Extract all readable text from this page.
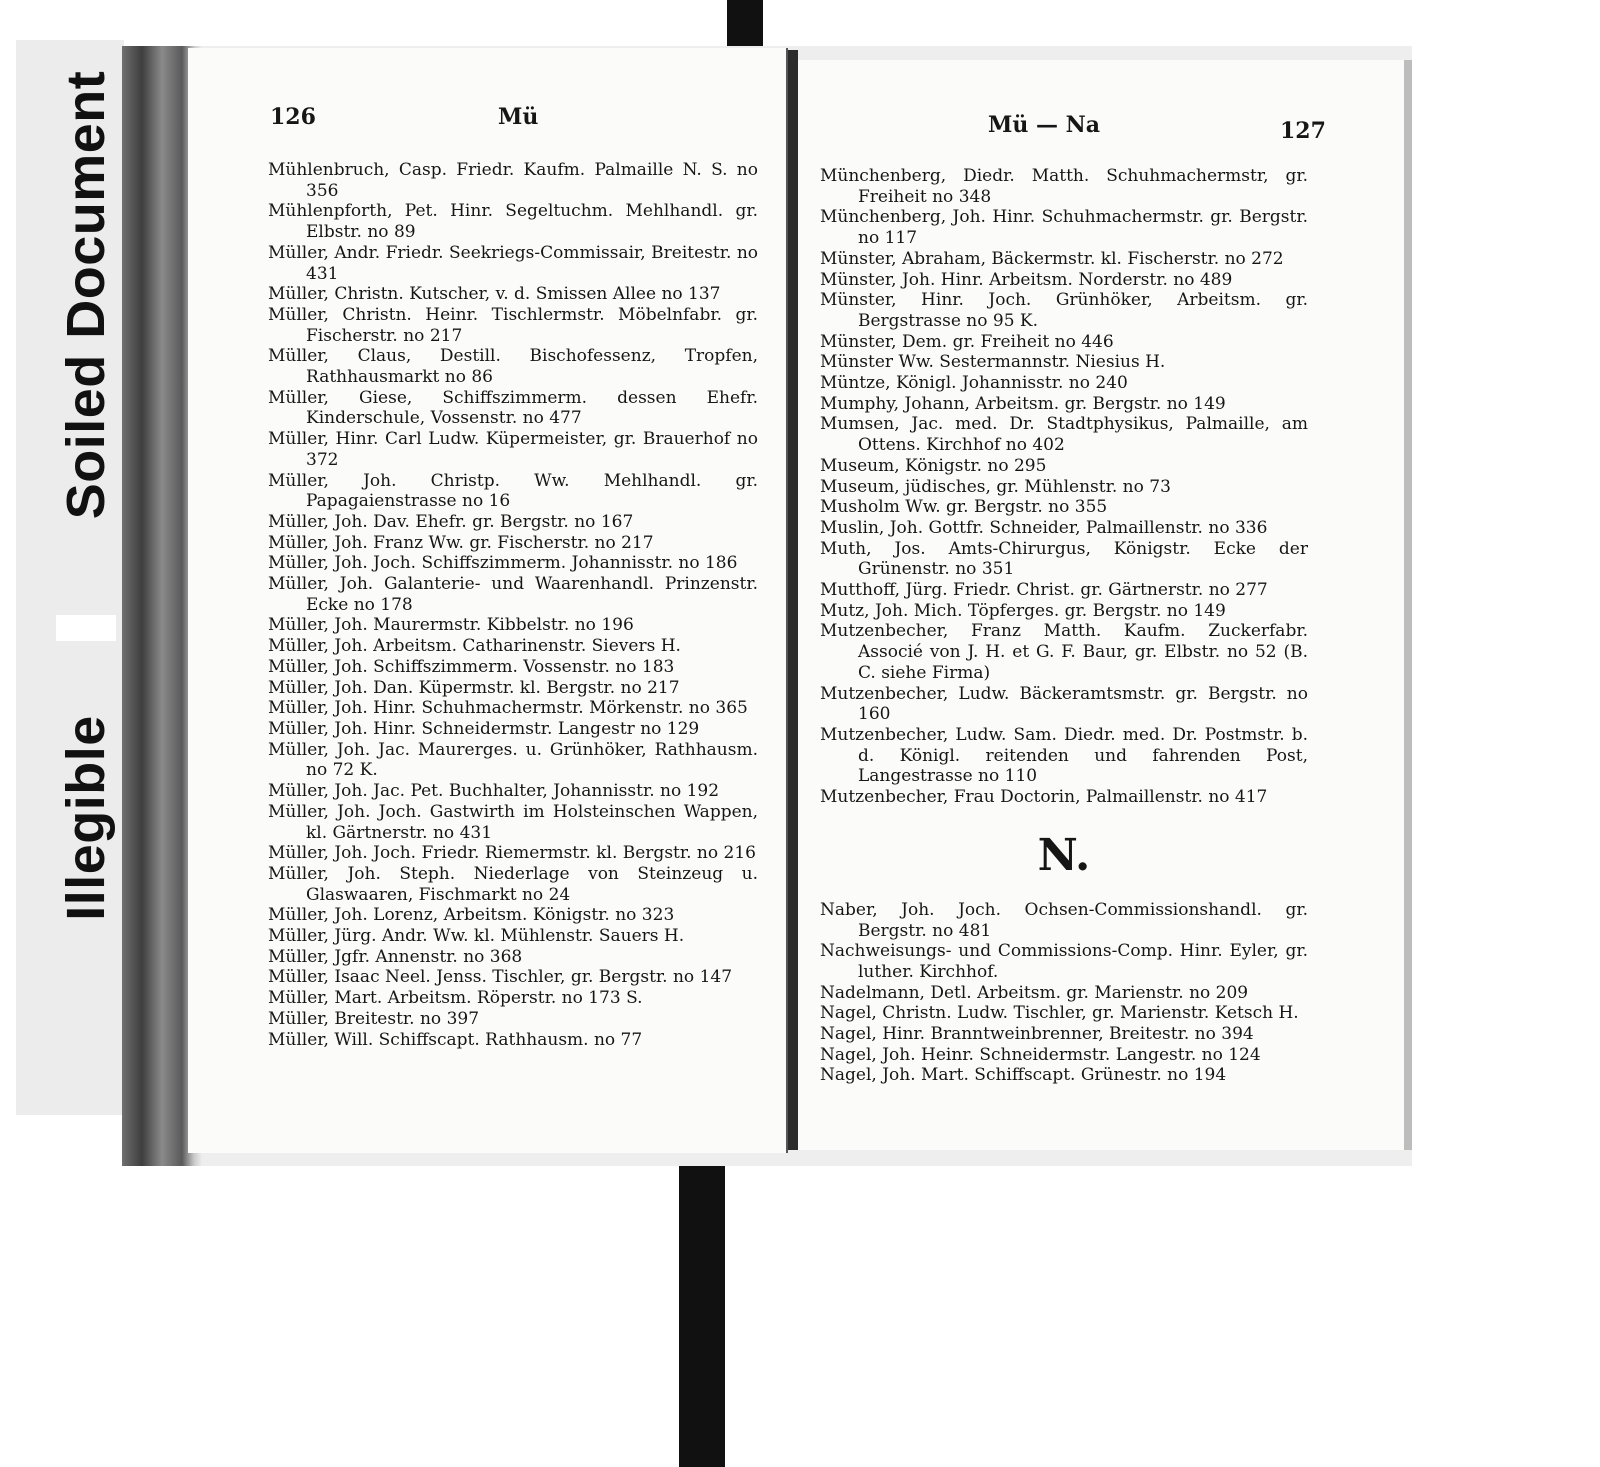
Illegible
Soiled Document	126	Mü
Mühlenbruch, Casp. Friedr. Kaufm. Palmaille N. S. no 356
Mühlenpforth, Pet. Hinr. Segeltuchm. Mehlhandl. gr. Elbstr. no 89
Müller, Andr. Friedr. Seekriegs-Commissair, Breitestr. no 431
Müller, Christn. Kutscher, v. d. Smissen Allee no 137
Müller, Christn. Heinr. Tischlermstr. Möbelnfabr. gr. Fischerstr. no 217
Müller, Claus, Destill. Bischofessenz, Tropfen, Rathhausmarkt no 86
Müller, Giese, Schiffszimmerm. dessen Ehefr. Kinderschule, Vossenstr. no 477
Müller, Hinr. Carl Ludw. Küpermeister, gr. Brauerhof no 372
Müller, Joh. Christp. Ww. Mehlhandl. gr. Papagaienstrasse no 16
Müller, Joh. Dav. Ehefr. gr. Bergstr. no 167
Müller, Joh. Franz Ww. gr. Fischerstr. no 217
Müller, Joh. Joch. Schiffszimmerm. Johannisstr. no 186
Müller, Joh. Galanterie- und Waarenhandl. Prinzenstr. Ecke no 178
Müller, Joh. Maurermstr. Kibbelstr. no 196
Müller, Joh. Arbeitsm. Catharinenstr. Sievers H.
Müller, Joh. Schiffszimmerm. Vossenstr. no 183
Müller, Joh. Dan. Küpermstr. kl. Bergstr. no 217
Müller, Joh. Hinr. Schuhmachermstr. Mörkenstr. no 365
Müller, Joh. Hinr. Schneidermstr. Langestr no 129
Müller, Joh. Jac. Maurerges. u. Grünhöker, Rathhausm. no 72 K.
Müller, Joh. Jac. Pet. Buchhalter, Johannisstr. no 192
Müller, Joh. Joch. Gastwirth im Holsteinschen Wappen, kl. Gärtnerstr. no 431
Müller, Joh. Joch. Friedr. Riemermstr. kl. Bergstr. no 216
Müller, Joh. Steph. Niederlage von Steinzeug u. Glaswaaren, Fischmarkt no 24
Müller, Joh. Lorenz, Arbeitsm. Königstr. no 323
Müller, Jürg. Andr. Ww. kl. Mühlenstr. Sauers H.
Müller, Jgfr. Annenstr. no 368
Müller, Isaac Neel. Jenss. Tischler, gr. Bergstr. no 147
Müller, Mart. Arbeitsm. Röperstr. no 173 S.
Müller, Breitestr. no 397
Müller, Will. Schiffscapt. Rathhausm. no 77
Mü — Na	127
Münchenberg, Diedr. Matth. Schuhmachermstr, gr. Freiheit no 348
Münchenberg, Joh. Hinr. Schuhmachermstr. gr. Bergstr. no 117
Münster, Abraham, Bäckermstr. kl. Fischerstr. no 272
Münster, Joh. Hinr. Arbeitsm. Norderstr. no 489
Münster, Hinr. Joch. Grünhöker, Arbeitsm. gr. Bergstrasse no 95 K.
Münster, Dem. gr. Freiheit no 446
Münster Ww. Sestermannstr. Niesius H.
Müntze, Königl. Johannisstr. no 240
Mumphy, Johann, Arbeitsm. gr. Bergstr. no 149
Mumsen, Jac. med. Dr. Stadtphysikus, Palmaille, am Ottens. Kirchhof no 402
Museum, Königstr. no 295
Museum, jüdisches, gr. Mühlenstr. no 73
Musholm Ww. gr. Bergstr. no 355
Muslin, Joh. Gottfr. Schneider, Palmaillenstr. no 336
Muth, Jos. Amts-Chirurgus, Königstr. Ecke der Grünenstr. no 351
Mutthoff, Jürg. Friedr. Christ. gr. Gärtnerstr. no 277
Mutz, Joh. Mich. Töpferges. gr. Bergstr. no 149
Mutzenbecher, Franz Matth. Kaufm. Zuckerfabr. Associé von J. H. et G. F. Baur, gr. Elbstr. no 52 (B. C. siehe Firma)
Mutzenbecher, Ludw. Bäckeramtsmstr. gr. Bergstr. no 160
Mutzenbecher, Ludw. Sam. Diedr. med. Dr. Postmstr. b. d. Königl. reitenden und fahrenden Post, Langestrasse no 110
Mutzenbecher, Frau Doctorin, Palmaillenstr. no 417
N.
Naber, Joh. Joch. Ochsen-Commissionshandl. gr. Bergstr. no 481
Nachweisungs- und Commissions-Comp. Hinr. Eyler, gr. luther. Kirchhof.
Nadelmann, Detl. Arbeitsm. gr. Marienstr. no 209
Nagel, Christn. Ludw. Tischler, gr. Marienstr. Ketsch H.
Nagel, Hinr. Branntweinbrenner, Breitestr. no 394
Nagel, Joh. Heinr. Schneidermstr. Langestr. no 124
Nagel, Joh. Mart. Schiffscapt. Grünestr. no 194
